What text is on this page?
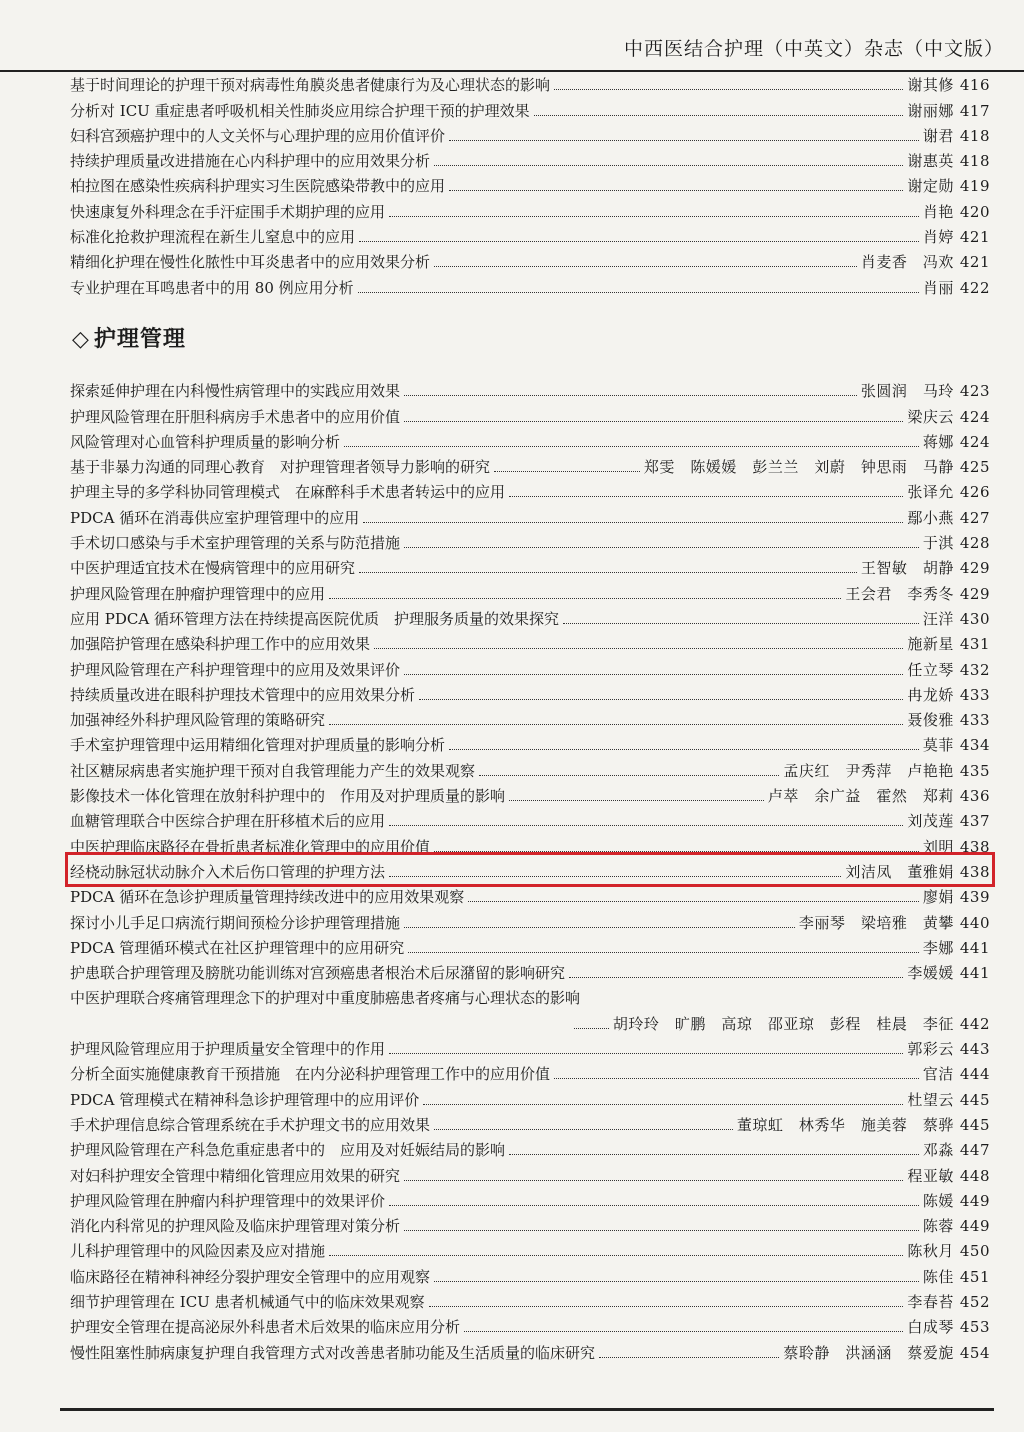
中西医结合护理（中英文）杂志（中文版）
基于时间理论的护理干预对病毒性角膜炎患者健康行为及心理状态的影响	谢其修 416
分析对 ICU 重症患者呼吸机相关性肺炎应用综合护理干预的护理效果	谢丽娜 417
妇科宫颈癌护理中的人文关怀与心理护理的应用价值评价	谢君 418
持续护理质量改进措施在心内科护理中的应用效果分析	谢惠英 418
柏拉图在感染性疾病科护理实习生医院感染带教中的应用	谢定勋 419
快速康复外科理念在手汗症围手术期护理的应用	肖艳 420
标准化抢救护理流程在新生儿窒息中的应用	肖婷 421
精细化护理在慢性化脓性中耳炎患者中的应用效果分析	肖麦香　冯欢 421
专业护理在耳鸣患者中的用 80 例应用分析	肖丽 422
◇ 护理管理
探索延伸护理在内科慢性病管理中的实践应用效果	张圆润　马玲 423
护理风险管理在肝胆科病房手术患者中的应用价值	梁庆云 424
风险管理对心血管科护理质量的影响分析	蒋娜 424
基于非暴力沟通的同理心教育　对护理管理者领导力影响的研究	郑雯　陈媛媛　彭兰兰　刘蔚　钟思雨　马静 425
护理主导的多学科协同管理模式　在麻醉科手术患者转运中的应用	张译允 426
PDCA 循环在消毒供应室护理管理中的应用	鄢小燕 427
手术切口感染与手术室护理管理的关系与防范措施	于淇 428
中医护理适宜技术在慢病管理中的应用研究	王智敏　胡静 429
护理风险管理在肿瘤护理管理中的应用	王会君　李秀冬 429
应用 PDCA 循环管理方法在持续提高医院优质　护理服务质量的效果探究	汪洋 430
加强陪护管理在感染科护理工作中的应用效果	施新星 431
护理风险管理在产科护理管理中的应用及效果评价	任立琴 432
持续质量改进在眼科护理技术管理中的应用效果分析	冉龙娇 433
加强神经外科护理风险管理的策略研究	聂俊雅 433
手术室护理管理中运用精细化管理对护理质量的影响分析	莫菲 434
社区糖尿病患者实施护理干预对自我管理能力产生的效果观察	孟庆红　尹秀萍　卢艳艳 435
影像技术一体化管理在放射科护理中的　作用及对护理质量的影响	卢萃　余广益　霍然　郑莉 436
血糖管理联合中医综合护理在肝移植术后的应用	刘茂莲 437
中医护理临床路径在骨折患者标准化管理中的应用价值	刘明 438
经桡动脉冠状动脉介入术后伤口管理的护理方法	刘洁凤　董雅娟 438
PDCA 循环在急诊护理质量管理持续改进中的应用效果观察	廖娟 439
探讨小儿手足口病流行期间预检分诊护理管理措施	李丽琴　梁培雅　黄攀 440
PDCA 管理循环模式在社区护理管理中的应用研究	李娜 441
护患联合护理管理及膀胱功能训练对宫颈癌患者根治术后尿潴留的影响研究	李媛媛 441
中医护理联合疼痛管理理念下的护理对中重度肺癌患者疼痛与心理状态的影响
胡玲玲　旷鹏　高琼　邵亚琼　彭程　桂晨　李征 442
护理风险管理应用于护理质量安全管理中的作用	郭彩云 443
分析全面实施健康教育干预措施　在内分泌科护理管理工作中的应用价值	官洁 444
PDCA 管理模式在精神科急诊护理管理中的应用评价	杜望云 445
手术护理信息综合管理系统在手术护理文书的应用效果	董琼虹　林秀华　施美蓉　蔡骅 445
护理风险管理在产科急危重症患者中的　应用及对妊娠结局的影响	邓淼 447
对妇科护理安全管理中精细化管理应用效果的研究	程亚敏 448
护理风险管理在肿瘤内科护理管理中的效果评价	陈媛 449
消化内科常见的护理风险及临床护理管理对策分析	陈蓉 449
儿科护理管理中的风险因素及应对措施	陈秋月 450
临床路径在精神科神经分裂护理安全管理中的应用观察	陈佳 451
细节护理管理在 ICU 患者机械通气中的临床效果观察	李春苔 452
护理安全管理在提高泌尿外科患者术后效果的临床应用分析	白成琴 453
慢性阻塞性肺病康复护理自我管理方式对改善患者肺功能及生活质量的临床研究	蔡聆静　洪涵涵　蔡爱旎 454
